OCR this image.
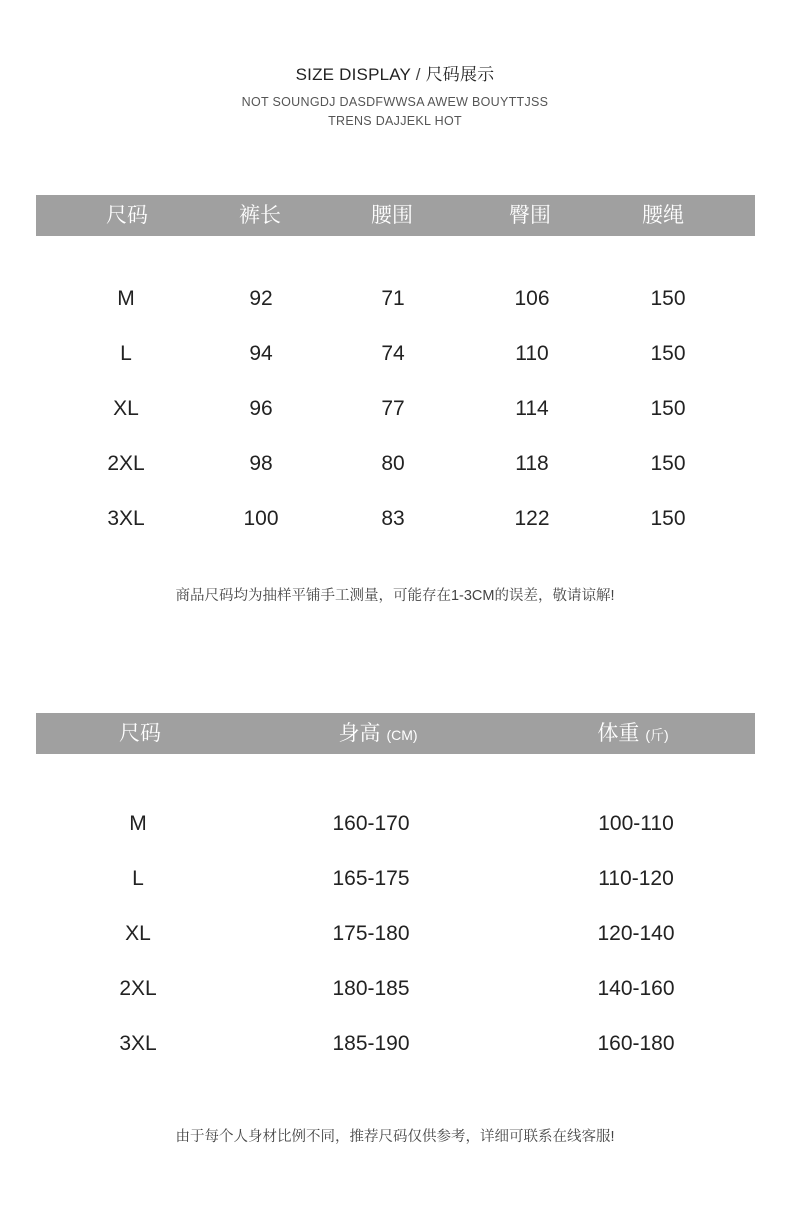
SIZE DISPLAY / 尺码展示
NOT SOUNGDJ DASDFWWSA AWEW BOUYTTJSS
TRENS DAJJEKL HOT
尺码	裤长	腰围	臀围	腰绳
M	92	71	106	150
L	94	74	110	150
XL	96	77	114	150
2XL	98	80	118	150
3XL	100	83	122	150
商品尺码均为抽样平铺手工测量，可能存在1-3CM的误差，敬请谅解!
尺码	身高 (CM)	体重 (斤)
M	160-170	100-110
L	165-175	110-120
XL	175-180	120-140
2XL	180-185	140-160
3XL	185-190	160-180
由于每个人身材比例不同，推荐尺码仅供参考，详细可联系在线客服!
